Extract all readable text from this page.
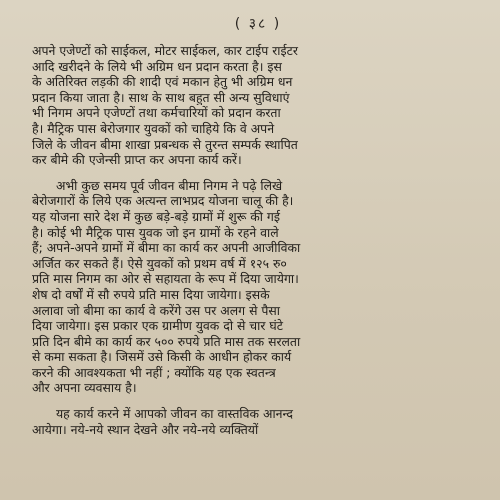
( ३८ )
अपने एजेण्टों को साईकल, मोटर साईकल, कार टाईप राईटर
आदि खरीदने के लिये भी अग्रिम धन प्रदान करता है। इस
के अतिरिक्त लड़की की शादी एवं मकान हेतु भी अग्रिम धन
प्रदान किया जाता है। साथ के साथ बहुत सी अन्य सुविधाएं
भी निगम अपने एजेण्टों तथा कर्मचारियों को प्रदान करता
है। मैट्रिक पास बेरोजगार युवकों को चाहिये कि वे अपने
जिले के जीवन बीमा शाखा प्रबन्धक से तुरन्त सम्पर्क स्थापित
कर बीमे की एजेन्सी प्राप्त कर अपना कार्य करें।
अभी कुछ समय पूर्व जीवन बीमा निगम ने पढ़े लिखे
बेरोजगारों के लिये एक अत्यन्त लाभप्रद योजना चालू की है।
यह योजना सारे देश में कुछ बड़े-बड़े ग्रामों में शुरू की गई
है। कोई भी मैट्रिक पास युवक जो इन ग्रामों के रहने वाले
हैं; अपने-अपने ग्रामों में बीमा का कार्य कर अपनी आजीविका
अर्जित कर सकते हैं। ऐसे युवकों को प्रथम वर्ष में १२५ रु०
प्रति मास निगम का ओर से सहायता के रूप में दिया जायेगा।
शेष दो वर्षों में सौ रुपये प्रति मास दिया जायेगा। इसके
अलावा जो बीमा का कार्य वे करेंगे उस पर अलग से पैसा
दिया जायेगा। इस प्रकार एक ग्रामीण युवक दो से चार घंटे
प्रति दिन बीमे का कार्य कर ५०० रुपये प्रति मास तक सरलता
से कमा सकता है। जिसमें उसे किसी के आधीन होकर कार्य
करने की आवश्यकता भी नहीं ; क्योंकि यह एक स्वतन्त्र
और अपना व्यवसाय है।
यह कार्य करने में आपको जीवन का वास्तविक आनन्द
आयेगा। नये-नये स्थान देखने और नये-नये व्यक्तियों
